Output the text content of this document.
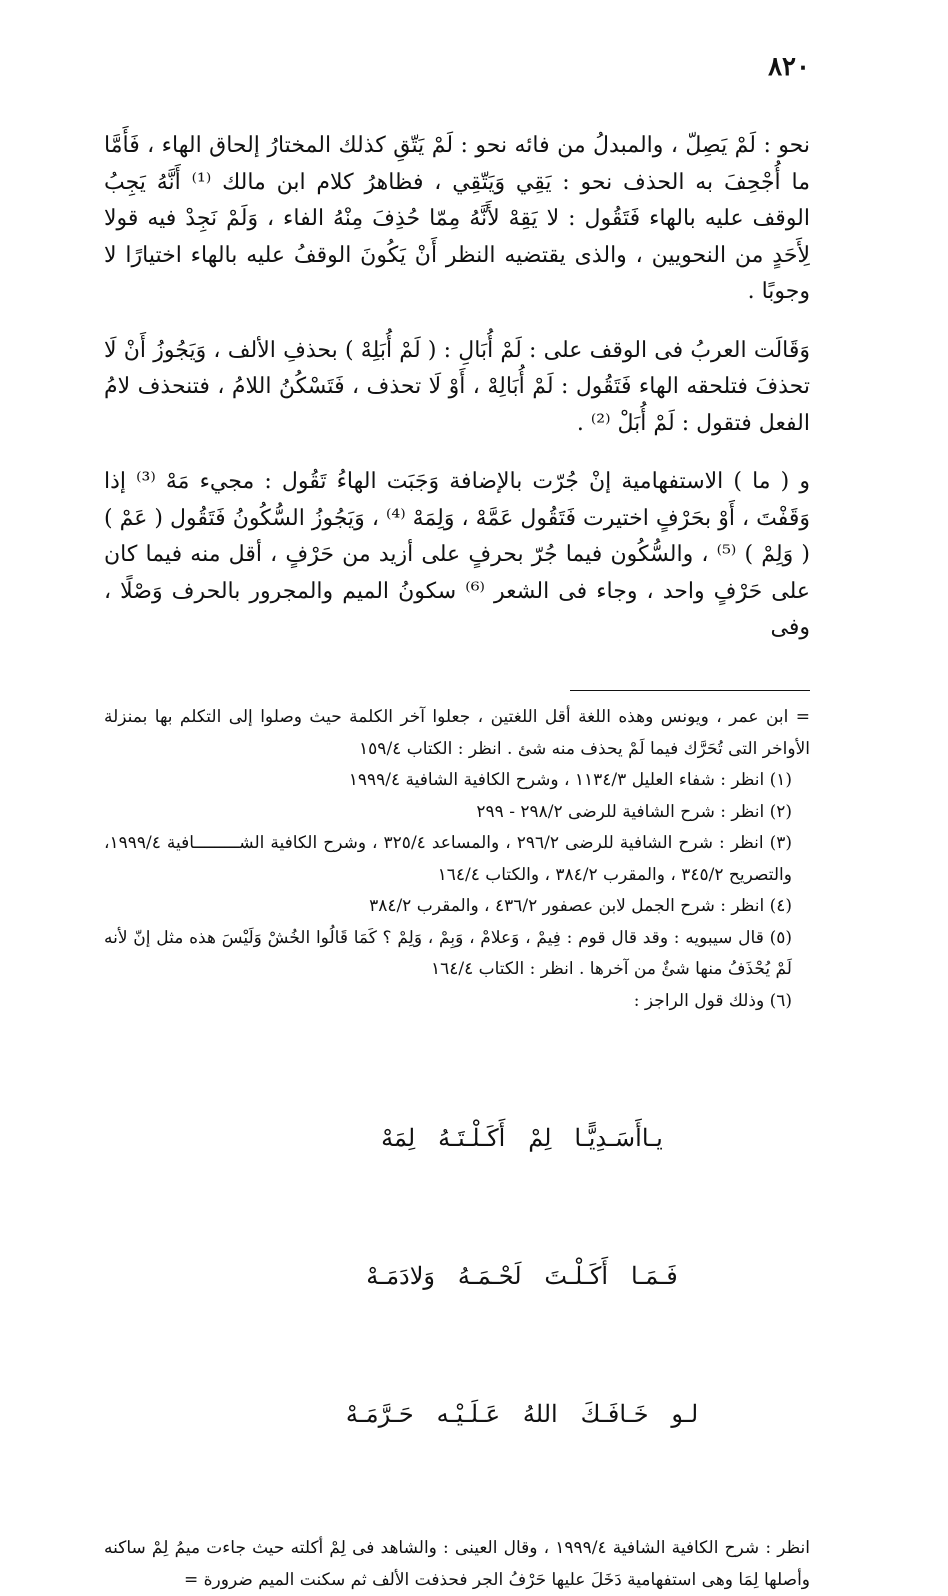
٨٢٠

نحو : لَمْ يَصِلّ ، والمبدلُ من فائه نحو : لَمْ يَتّقِ كذلك المختارُ إلحاق الهاء ، فَأَمَّا ما أُجْحِفَ به الحذف نحو : يَقِي وَيَتّقِي ، فظاهرُ كلام ابن مالك ⁽¹⁾ أَنَّهُ يَجِبُ الوقف عليه بالهاء فَتَقُول : لا يَقِهْ لأَنَّهُ مِمّا حُذِفَ مِنْهُ الفاء ، وَلَمْ نَجِدْ فيه قولا لِأَحَدٍ من النحويين ، والذى يقتضيه النظر أَنْ يَكُونَ الوقفُ عليه بالهاء اختيارًا لا وجوبًا .

وَقَالَت العربُ فى الوقف على : لَمْ أُبَالِ : ( لَمْ أُبَلِهْ ) بحذفِ الألف ، وَيَجُوزُ أَنْ لَا تحذفَ فتلحقه الهاء فَتَقُول : لَمْ أُبَالِهْ ، أَوْ لَا تحذف ، فَتَسْكُنُ اللامُ ، فتنحذف لامُ الفعل فتقول : لَمْ أُبَلْ ⁽²⁾ .

و ( ما ) الاستفهامية إنْ جُرّت بالإضافة وَجَبَت الهاءُ تَقُول : مجيء مَهْ ⁽³⁾ إذا وَقَفْتَ ، أَوْ بحَرْفٍ اختيرت فَتَقُول عَمَّهْ ، وَلِمَهْ ⁽⁴⁾ ، وَيَجُوزُ السُّكُونُ فَتَقُول ( عَمْ ) ( وَلِمْ ) ⁽⁵⁾ ، والسُّكُون فيما جُرّ بحرفٍ على أزيد من حَرْفٍ ، أقل منه فيما كان على حَرْفٍ واحد ، وجاء فى الشعر ⁽⁶⁾ سكونُ الميم والمجرور بالحرف وَصْلًا ، وفى

= ابن عمر ، ويونس وهذه اللغة أقل اللغتين ، جعلوا آخر الكلمة حيث وصلوا إلى التكلم بها بمنزلة الأواخر التى تُحَرَّك فيما لَمْ يحذف منه شئ . انظر : الكتاب ١٥٩/٤

(١) انظر : شفاء العليل ١١٣٤/٣ ، وشرح الكافية الشافية ١٩٩٩/٤

(٢) انظر : شرح الشافية للرضى ٢٩٨/٢ - ٢٩٩

(٣) انظر : شرح الشافية للرضى ٢٩٦/٢ ، والمساعد ٣٢٥/٤ ، وشرح الكافية الشـــــــــافية ١٩٩٩/٤، والتصريح ٣٤٥/٢ ، والمقرب ٣٨٤/٢ ، والكتاب ١٦٤/٤

(٤) انظر : شرح الجمل لابن عصفور ٤٣٦/٢ ، والمقرب ٣٨٤/٢

(٥) قال سيبويه : وقد قال قوم : فِيمْ ، وَعلامْ ، وَبِمْ ، وَلِمْ ؟ كَمَا قَالُوا الخُشْ وَلَيْسَ هذه مثل إنّ لأنه لَمْ يُحْذَفُ منها شئٌ من آخرها . انظر : الكتاب ١٦٤/٤

(٦) وذلك قول الراجز :

يـاأَسَـدِيًّـا   لِمْ   أَكَـلْـتَـهُ   لِمَهْ

فَـمَـا   أَكَـلْـتَ   لَحْـمَـهُ   وَلادَمَـهْ

لـو   خَـافَـكَ   اللهُ   عَـلَـيْـه   حَـرَّمَـهْ

انظر : شرح الكافية الشافية ١٩٩٩/٤ ، وقال العينى : والشاهد فى لِمْ أكلته حيث جاءت ميمُ لِمْ ساكنه وأصلها لِمَا وهى استفهامية دَخَلَ عليها حَرْفُ الجر فحذفت الألف ثم سكنت الميم ضرورة =
